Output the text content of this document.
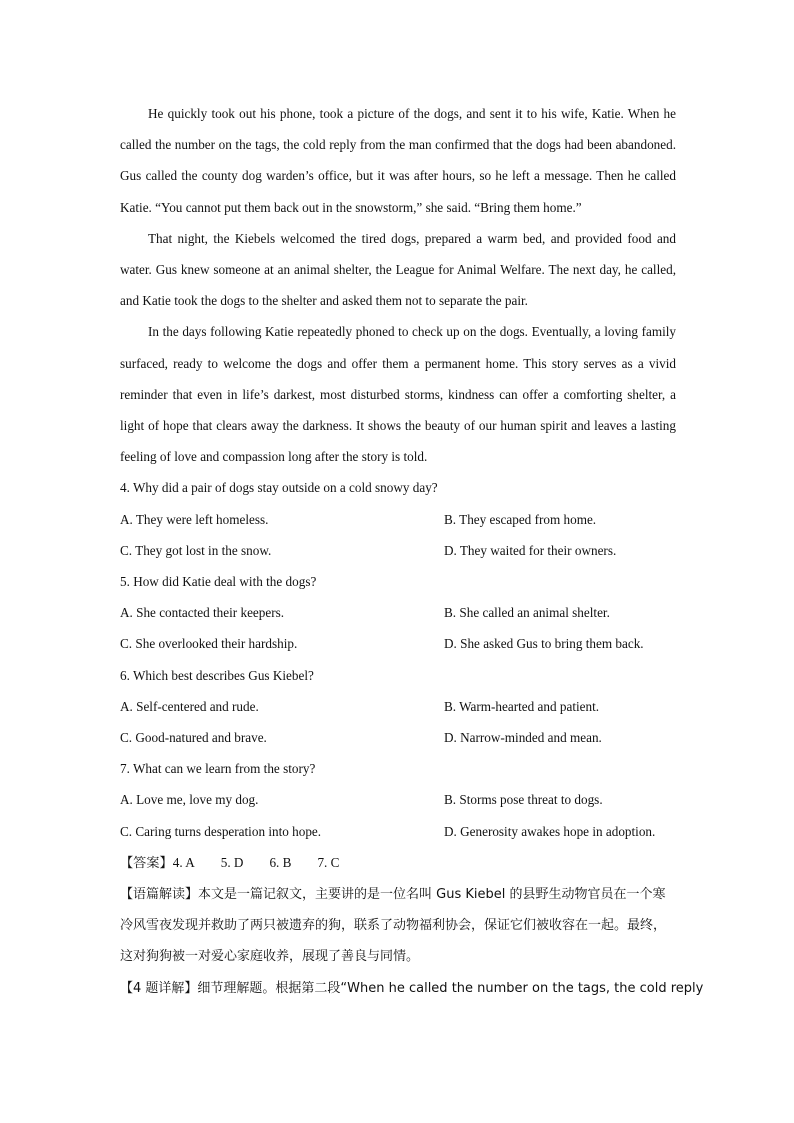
He quickly took out his phone, took a picture of the dogs, and sent it to his wife, Katie. When he called the number on the tags, the cold reply from the man confirmed that the dogs had been abandoned. Gus called the county dog warden’s office, but it was after hours, so he left a message. Then he called Katie. “You cannot put them back out in the snowstorm,” she said. “Bring them home.”

That night, the Kiebels welcomed the tired dogs, prepared a warm bed, and provided food and water. Gus knew someone at an animal shelter, the League for Animal Welfare. The next day, he called, and Katie took the dogs to the shelter and asked them not to separate the pair.

In the days following Katie repeatedly phoned to check up on the dogs. Eventually, a loving family surfaced, ready to welcome the dogs and offer them a permanent home. This story serves as a vivid reminder that even in life’s darkest, most disturbed storms, kindness can offer a comforting shelter, a light of hope that clears away the darkness. It shows the beauty of our human spirit and leaves a lasting feeling of love and compassion long after the story is told.

4. Why did a pair of dogs stay outside on a cold snowy day?

A. They were left homeless.	B. They escaped from home.
C. They got lost in the snow.	D. They waited for their owners.

5. How did Katie deal with the dogs?

A. She contacted their keepers.	B. She called an animal shelter.
C. She overlooked their hardship.	D. She asked Gus to bring them back.

6. Which best describes Gus Kiebel?

A. Self-centered and rude.	B. Warm-hearted and patient.
C. Good-natured and brave.	D. Narrow-minded and mean.

7. What can we learn from the story?

A. Love me, love my dog.	B. Storms pose threat to dogs.
C. Caring turns desperation into hope.	D. Generosity awakes hope in adoption.
【答案】4. A 5. D 6. B 7. C

【语篇解读】本文是一篇记叙文，主要讲的是一位名叫 Gus Kiebel 的县野生动物官员在一个寒冷风雪夜发现并救助了两只被遗弃的狗，联系了动物福利协会，保证它们被收容在一起。最终，这对狗狗被一对爱心家庭收养，展现了善良与同情。

【4 题详解】细节理解题。根据第二段“When he called the number on the tags, the cold reply
